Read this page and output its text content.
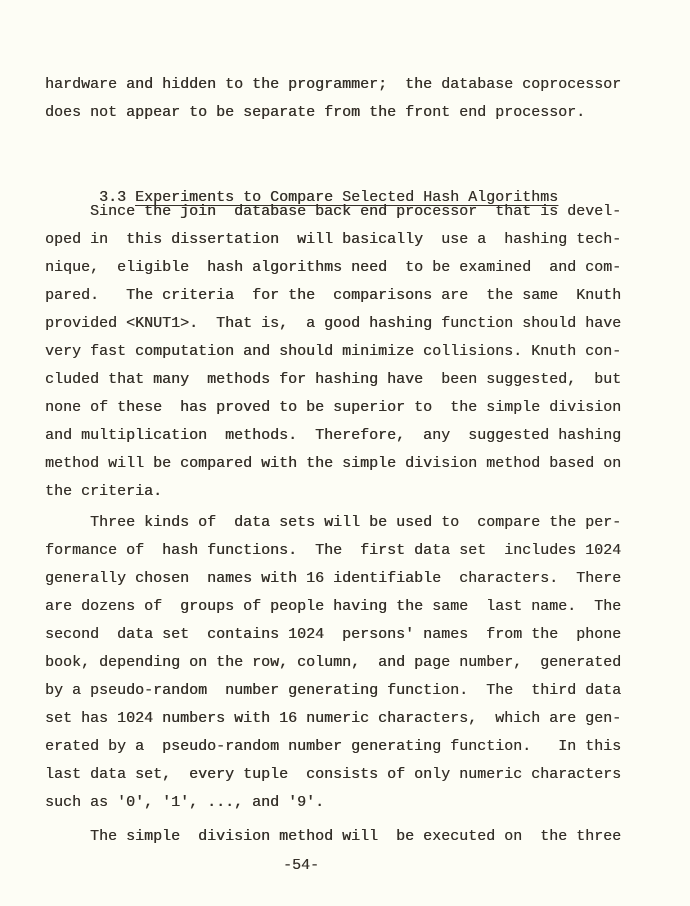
hardware and hidden to the programmer;  the database coprocessor
does not appear to be separate from the front end processor.

3.3 Experiments to Compare Selected Hash Algorithms

Since the join  database back end processor  that is devel-
oped in  this dissertation  will basically  use a  hashing tech-
nique,  eligible  hash algorithms need  to be examined  and com-
pared.   The criteria  for the  comparisons are  the same  Knuth
provided <KNUT1>.  That is,  a good hashing function should have
very fast computation and should minimize collisions. Knuth con-
cluded that many  methods for hashing have  been suggested,  but
none of these  has proved to be superior to  the simple division
and multiplication  methods.  Therefore,  any  suggested hashing
method will be compared with the simple division method based on
the criteria.
Three kinds of  data sets will be used to  compare the per-
formance of  hash functions.  The  first data set  includes 1024
generally chosen  names with 16 identifiable  characters.  There
are dozens of  groups of people having the same  last name.  The
second  data set  contains 1024  persons' names  from the  phone
book, depending on the row, column,  and page number,  generated
by a pseudo-random  number generating function.  The  third data
set has 1024 numbers with 16 numeric characters,  which are gen-
erated by a  pseudo-random number generating function.   In this
last data set,  every tuple  consists of only numeric characters
such as '0', '1', ..., and '9'.
The simple  division method will  be executed on  the three
-54-
